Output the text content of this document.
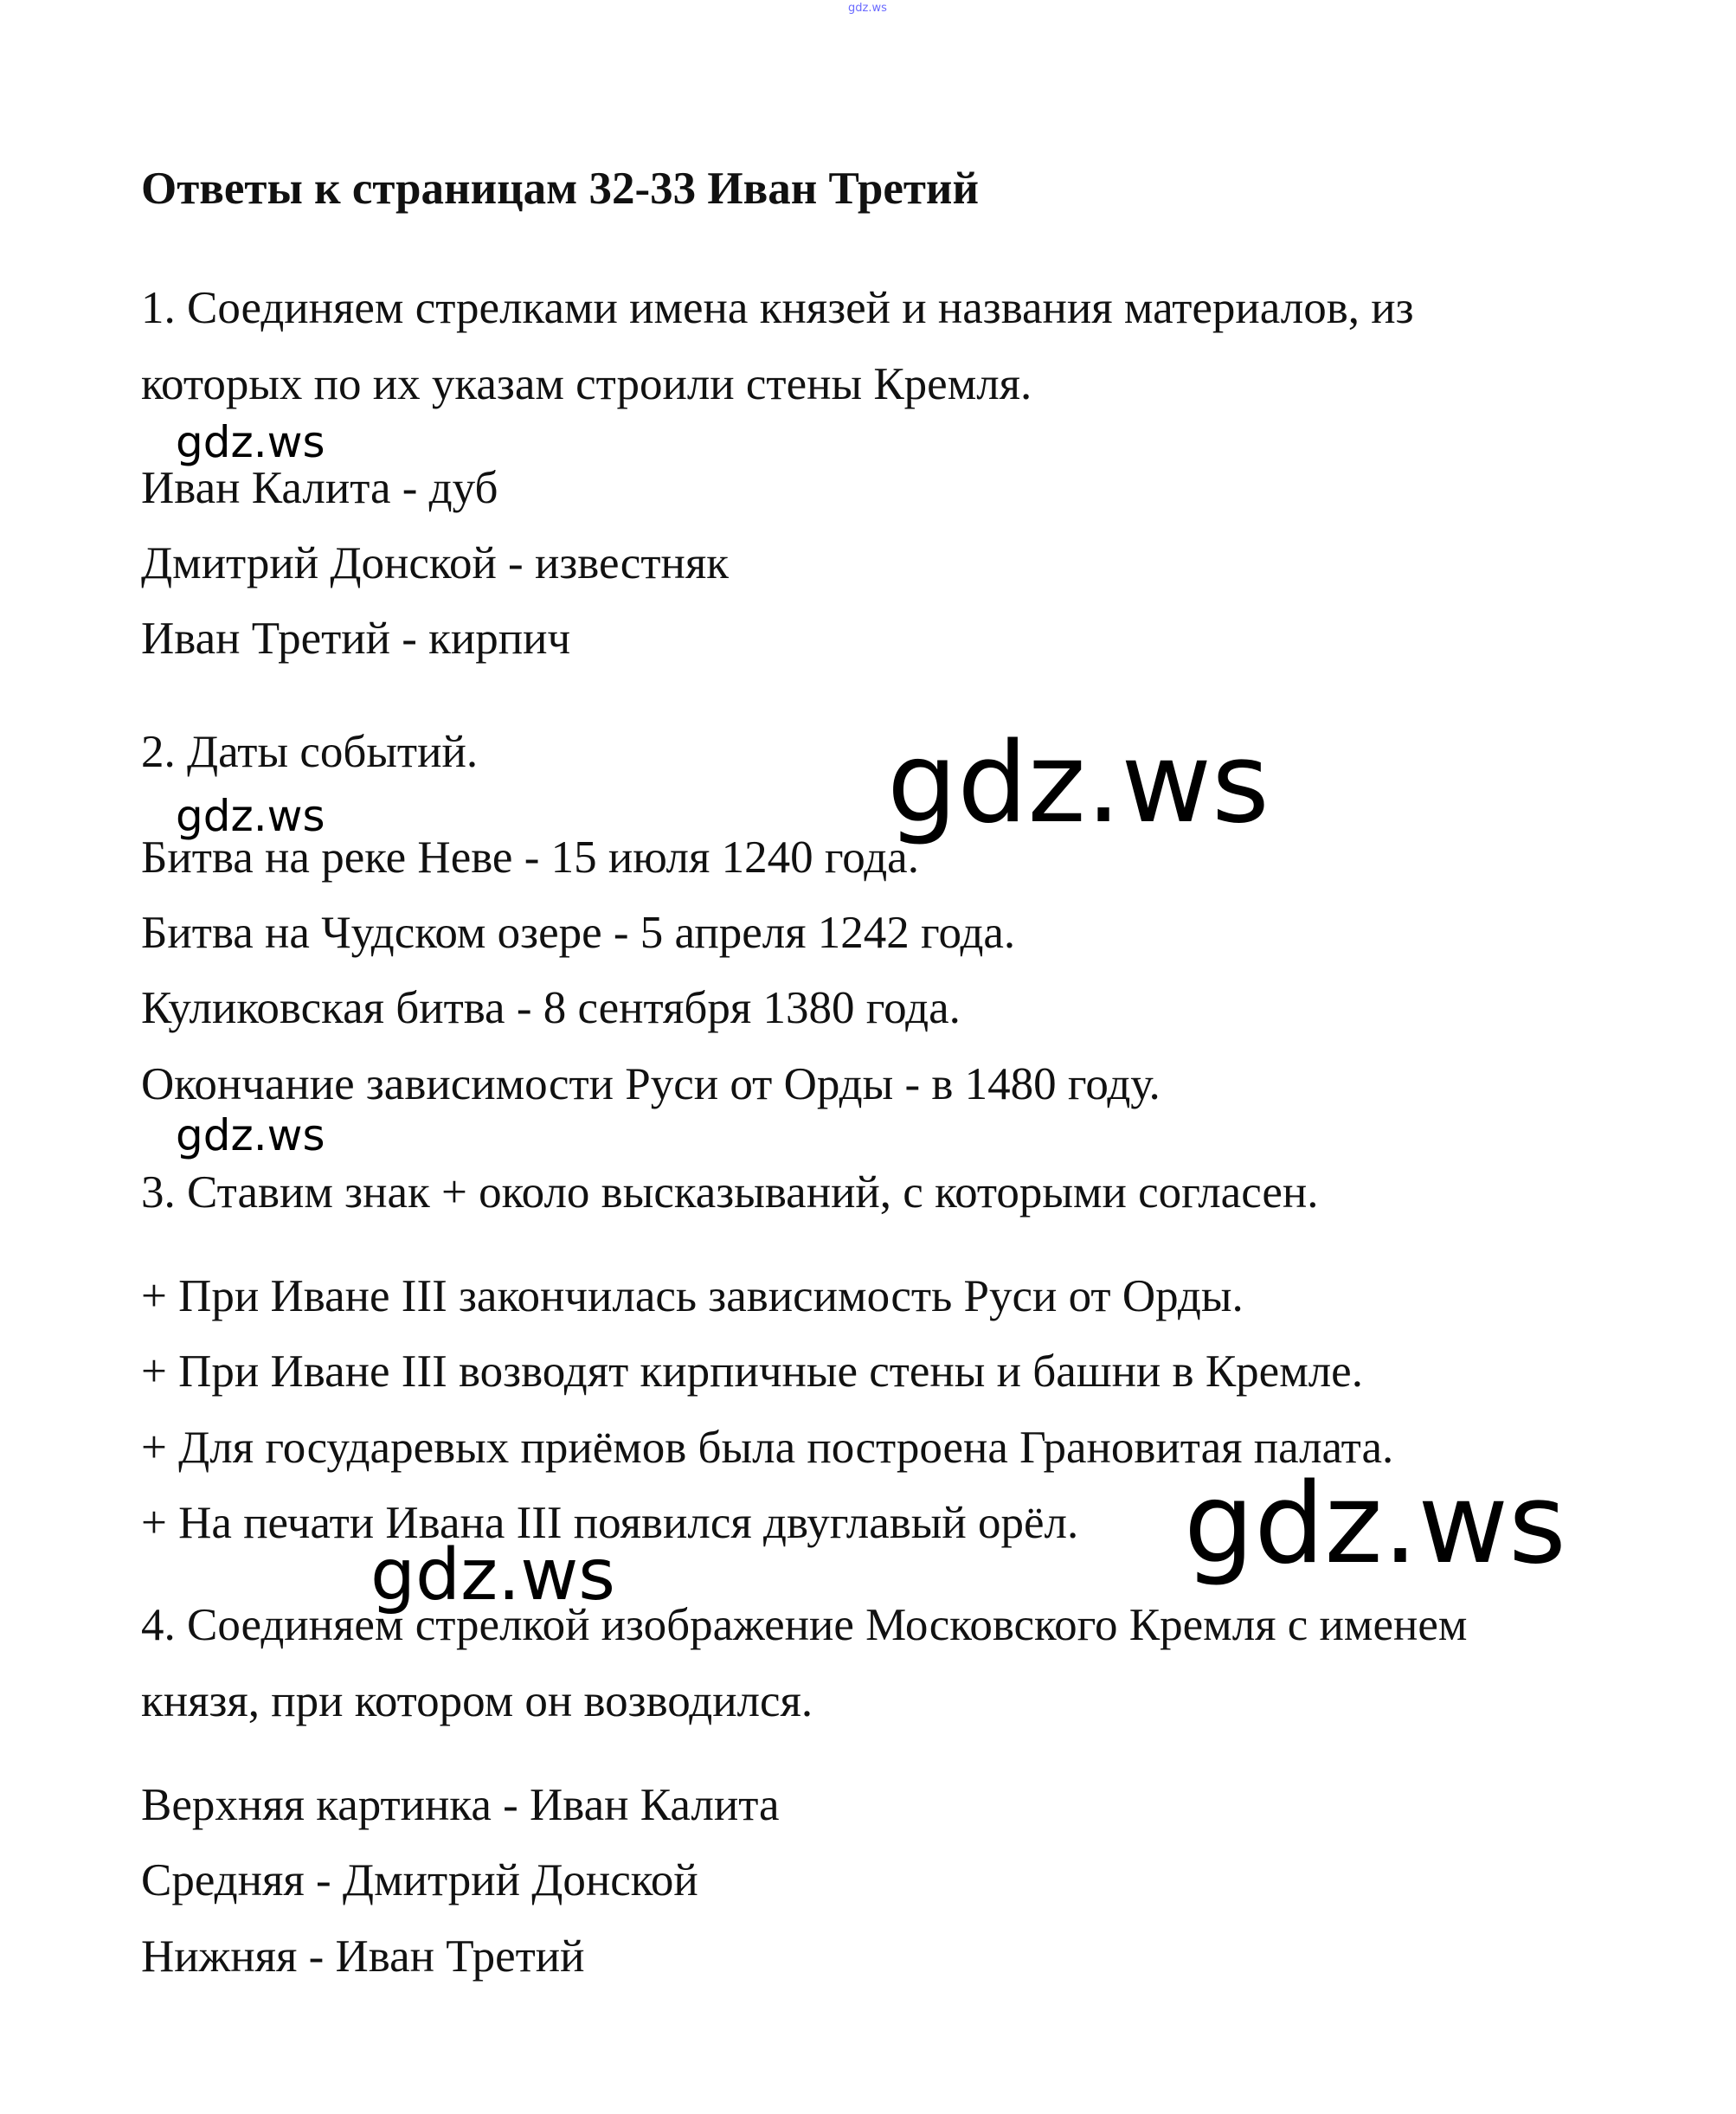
gdz.ws
Ответы к страницам 32-33 Иван Третий
1. Соединяем стрелками имена князей и названия материалов, из
которых по их указам строили стены Кремля.
gdz.ws
Иван Калита - дуб
Дмитрий Донской - известняк
Иван Третий - кирпич
2. Даты событий.	gdz.ws
gdz.ws
Битва на реке Неве - 15 июля 1240 года.
Битва на Чудском озере - 5 апреля 1242 года.
Куликовская битва - 8 сентября 1380 года.
Окончание зависимости Руси от Орды - в 1480 году.
gdz.ws
3. Ставим знак + около высказываний, с которыми согласен.
+ При Иване III закончилась зависимость Руси от Орды.
+ При Иване III возводят кирпичные стены и башни в Кремле.
+ Для государевых приёмов была построена Грановитая палата.
+ На печати Ивана III появился двуглавый орёл. gdz.ws
gdz.ws
4. Соединяем стрелкой изображение Московского Кремля с именем
князя, при котором он возводился.
Верхняя картинка - Иван Калита
Средняя - Дмитрий Донской
Нижняя - Иван Третий
